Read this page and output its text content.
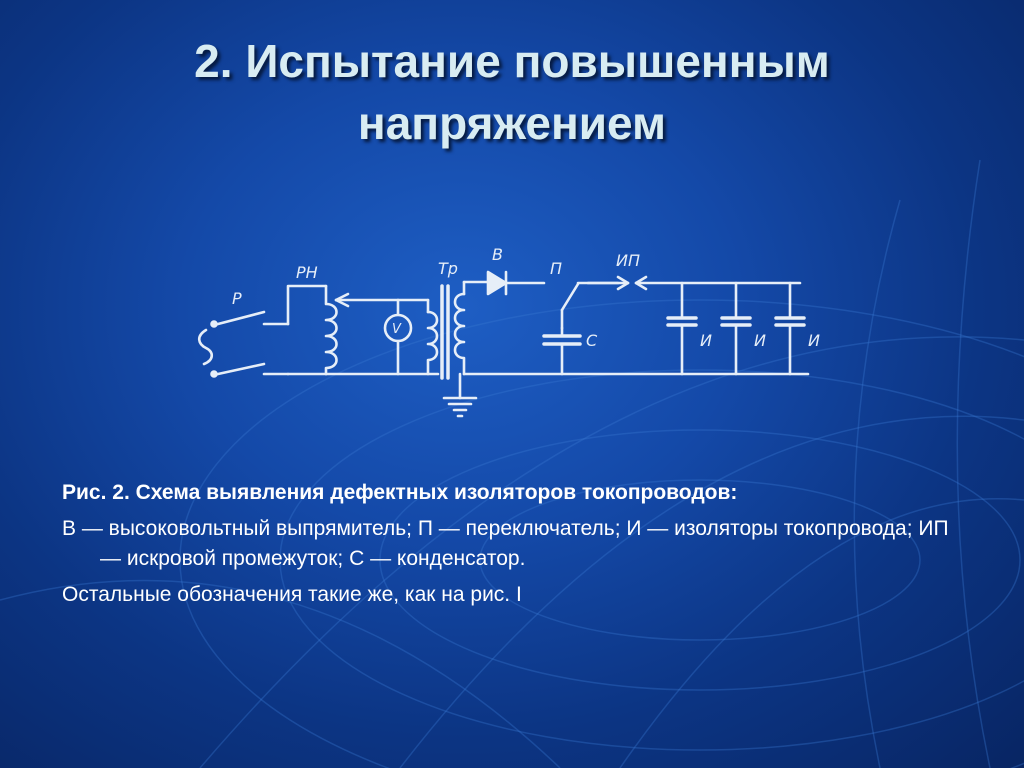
2. Испытание повышенным
напряжением
Р
РН
V
Тр
В
П
С
ИП
И	И	И

Рис. 2. Схема выявления дефектных изоляторов токопроводов:

В — высоковольтный выпрямитель; П — переключатель; И — изоляторы токопровода; ИП — искровой промежуток; С — конденсатор.

Остальные обозначения такие же, как на рис. I
